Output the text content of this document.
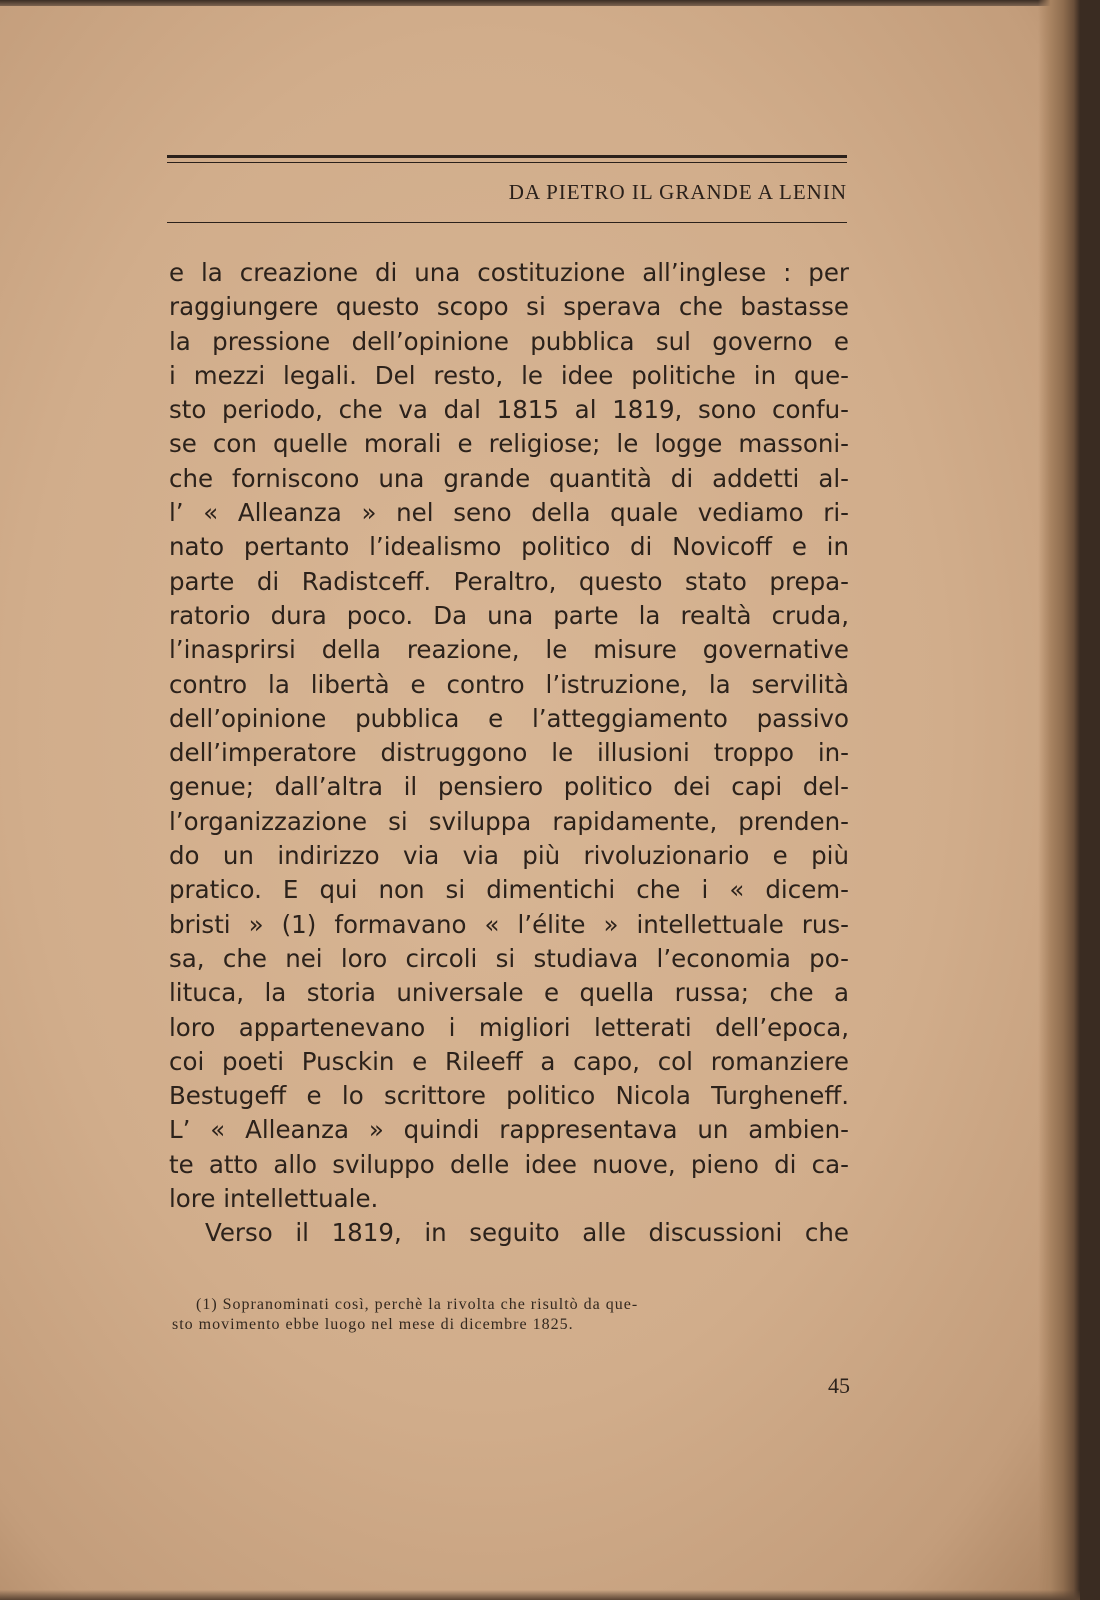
DA PIETRO IL GRANDE A LENIN
e la creazione di una costituzione all’inglese : per
raggiungere questo scopo si sperava che bastasse
la pressione dell’opinione pubblica sul governo e
i mezzi legali. Del resto, le idee politiche in que-
sto periodo, che va dal 1815 al 1819, sono confu-
se con quelle morali e religiose; le logge massoni-
che forniscono una grande quantità di addetti al-
l’ « Alleanza » nel seno della quale vediamo ri-
nato pertanto l’idealismo politico di Novicoff e in
parte di Radistceff. Peraltro, questo stato prepa-
ratorio dura poco. Da una parte la realtà cruda,
l’inasprirsi della reazione, le misure governative
contro la libertà e contro l’istruzione, la servilità
dell’opinione pubblica e l’atteggiamento passivo
dell’imperatore distruggono le illusioni troppo in-
genue; dall’altra il pensiero politico dei capi del-
l’organizzazione si sviluppa rapidamente, prenden-
do un indirizzo via via più rivoluzionario e più
pratico. E qui non si dimentichi che i « dicem-
bristi » (1) formavano « l’élite » intellettuale rus-
sa, che nei loro circoli si studiava l’economia po-
lituca, la storia universale e quella russa; che a
loro appartenevano i migliori letterati dell’epoca,
coi poeti Pusckin e Rileeff a capo, col romanziere
Bestugeff e lo scrittore politico Nicola Turgheneff.
L’ « Alleanza » quindi rappresentava un ambien-
te atto allo sviluppo delle idee nuove, pieno di ca-
lore intellettuale.
Verso il 1819, in seguito alle discussioni che
(1) Sopranominati così, perchè la rivolta che risultò da que-
sto movimento ebbe luogo nel mese di dicembre 1825.
45
